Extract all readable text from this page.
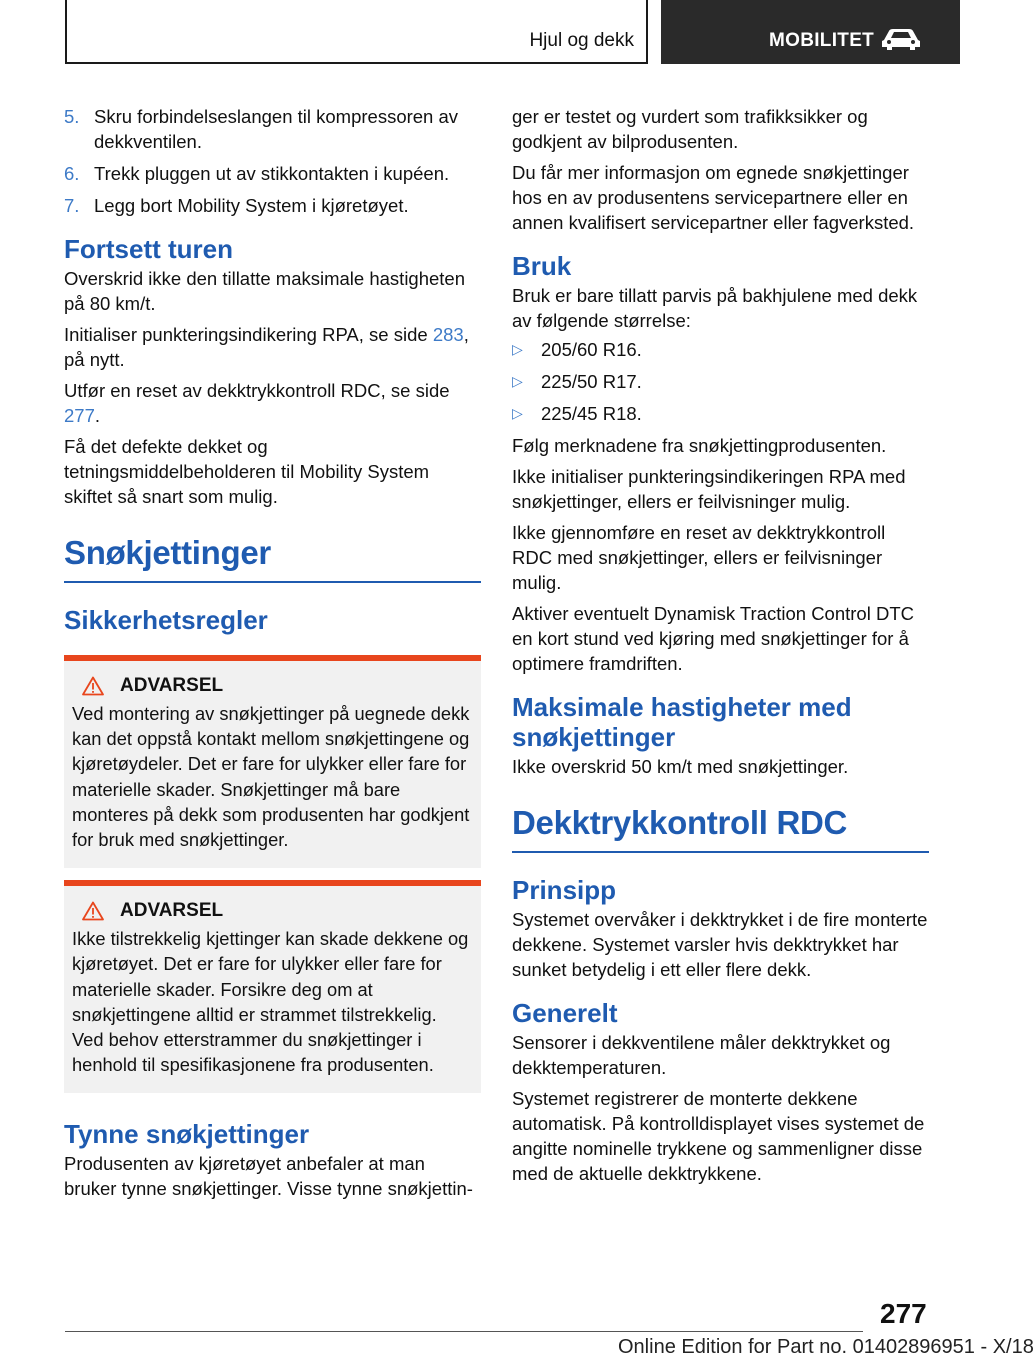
Hjul og dekk	MOBILITET
5. Skru forbindelseslangen til kompressoren av dekkventilen.
6. Trekk pluggen ut av stikkontakten i kupéen.
7. Legg bort Mobility System i kjøretøyet.
Fortsett turen

Overskrid ikke den tillatte maksimale hastigheten på 80 km/t.

Initialiser punkteringsindikering RPA, se side 283, på nytt.

Utfør en reset av dekktrykkontroll RDC, se side 277.

Få det defekte dekket og tetningsmiddelbeholderen til Mobility System skiftet så snart som mulig.

Snøkjettinger
Sikkerhetsregler
ADVARSEL

Ved montering av snøkjettinger på uegnede dekk kan det oppstå kontakt mellom snøkjettingene og kjøretøydeler. Det er fare for ulykker eller fare for materielle skader. Snøkjettinger må bare monteres på dekk som produsenten har godkjent for bruk med snøkjettinger.

ADVARSEL

Ikke tilstrekkelig kjettinger kan skade dekkene og kjøretøyet. Det er fare for ulykker eller fare for materielle skader. Forsikre deg om at snøkjettingene alltid er strammet tilstrekkelig. Ved behov etterstrammer du snøkjettinger i henhold til spesifikasjonene fra produsenten.

Tynne snøkjettinger

Produsenten av kjøretøyet anbefaler at man bruker tynne snøkjettinger. Visse tynne snøkjettin-

ger er testet og vurdert som trafikksikker og godkjent av bilprodusenten.

Du får mer informasjon om egnede snøkjettinger hos en av produsentens servicepartnere eller en annen kvalifisert servicepartner eller fagverksted.

Bruk

Bruk er bare tillatt parvis på bakhjulene med dekk av følgende størrelse:

▷ 205/60 R16.
▷ 225/50 R17.
▷ 225/45 R18.

Følg merknadene fra snøkjettingprodusenten.

Ikke initialiser punkteringsindikeringen RPA med snøkjettinger, ellers er feilvisninger mulig.

Ikke gjennomføre en reset av dekktrykkontroll RDC med snøkjettinger, ellers er feilvisninger mulig.

Aktiver eventuelt Dynamisk Traction Control DTC en kort stund ved kjøring med snøkjettinger for å optimere framdriften.

Maksimale hastigheter med snøkjettinger

Ikke overskrid 50 km/t med snøkjettinger.

Dekktrykkontroll RDC
Prinsipp

Systemet overvåker i dekktrykket i de fire monterte dekkene. Systemet varsler hvis dekktrykket har sunket betydelig i ett eller flere dekk.

Generelt

Sensorer i dekkventilene måler dekktrykket og dekktemperaturen.

Systemet registrerer de monterte dekkene automatisk. På kontrolldisplayet vises systemet de angitte nominelle trykkene og sammenligner disse med de aktuelle dekktrykkene.

277
Online Edition for Part no. 01402896951 - X/18
